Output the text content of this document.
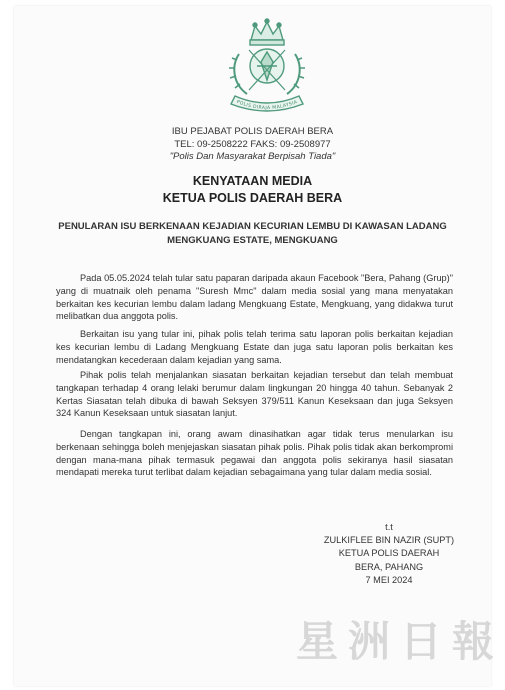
POLIS DIRAJA MALAYSIA
IBU PEJABAT POLIS DAERAH BERA
TEL: 09-2508222 FAKS: 09-2508977
"Polis Dan Masyarakat Berpisah Tiada"
KENYATAAN MEDIA
KETUA POLIS DAERAH BERA
PENULARAN ISU BERKENAAN KEJADIAN KECURIAN LEMBU DI KAWASAN LADANG
MENGKUANG ESTATE, MENGKUANG
Pada 05.05.2024 telah tular satu paparan daripada akaun Facebook "Bera, Pahang (Grup)" yang di muatnaik oleh penama "Suresh Mmc" dalam media sosial yang mana menyatakan berkaitan kes kecurian lembu dalam ladang Mengkuang Estate, Mengkuang, yang didakwa turut melibatkan dua anggota polis.
Berkaitan isu yang tular ini, pihak polis telah terima satu laporan polis berkaitan kejadian kes kecurian lembu di Ladang Mengkuang Estate dan juga satu laporan polis berkaitan kes mendatangkan kecederaan dalam kejadian yang sama.
Pihak polis telah menjalankan siasatan berkaitan kejadian tersebut dan telah membuat tangkapan terhadap 4 orang lelaki berumur dalam lingkungan 20 hingga 40 tahun. Sebanyak 2 Kertas Siasatan telah dibuka di bawah Seksyen 379/511 Kanun Keseksaan dan juga Seksyen 324 Kanun Keseksaan untuk siasatan lanjut.
Dengan tangkapan ini, orang awam dinasihatkan agar tidak terus menularkan isu berkenaan sehingga boleh menjejaskan siasatan pihak polis. Pihak polis tidak akan berkompromi dengan mana-mana pihak termasuk pegawai dan anggota polis sekiranya hasil siasatan mendapati mereka turut terlibat dalam kejadian sebagaimana yang tular dalam media sosial.
t.t
ZULKIFLEE BIN NAZIR (SUPT)
KETUA POLIS DAERAH
BERA, PAHANG
7 MEI 2024
星 洲 日 報
